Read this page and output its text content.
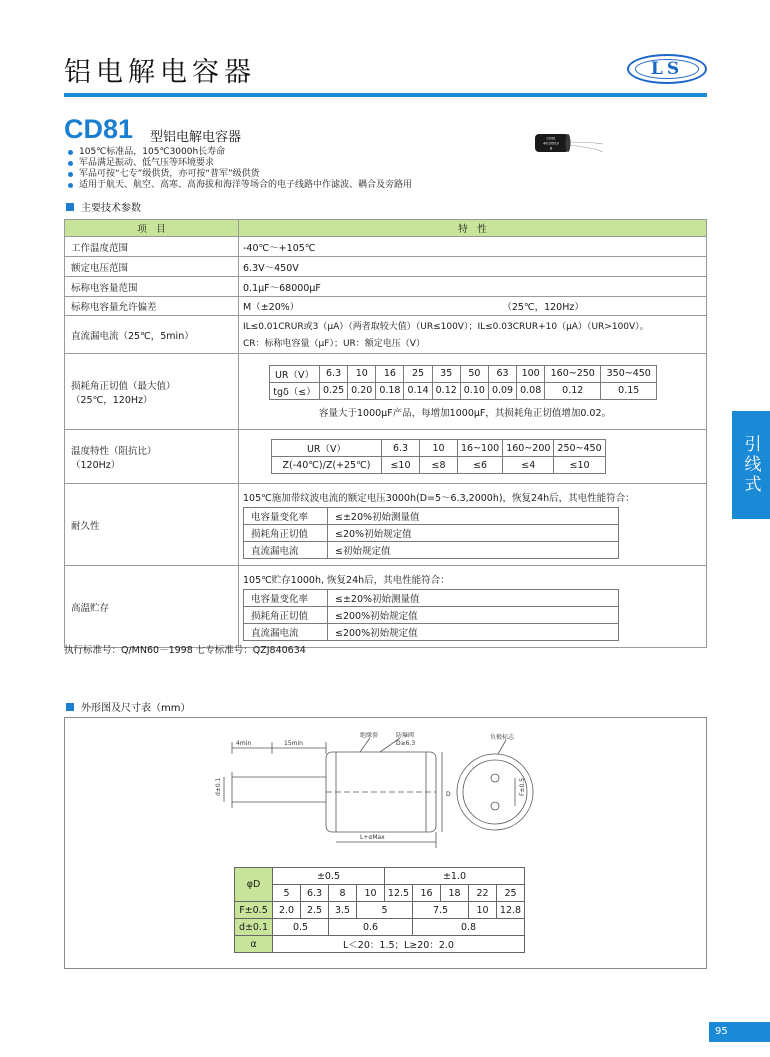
铝电解电容器	LS
CD81 型铝电解电容器
105℃标准品，105℃3000h长寿命
军品满足振动、低气压等环境要求
军品可按“七专”级供货，亦可按“普军”级供货
适用于航天、航空、高寒、高海拔和海洋等场合的电子线路中作滤波、耦合及旁路用
CD81
40/105/10
B
主要技术参数
项　目	特　性
工作温度范围	-40℃～+105℃
额定电压范围	6.3V～450V
标称电容量范围	0.1μF～68000μF
标称电容量允许偏差	M（±20%）	（25℃，120Hz）
直流漏电流（25℃，5min）	
IL≤0.01CRUR或3（μA）（两者取较大值）（UR≤100V）；IL≤0.03CRUR+10（μA）（UR>100V）。
CR：标称电容量（μF）；UR：额定电压（V）

损耗角正切值（最大值）
（25℃，120Hz）

UR（V）	6.3	10	16	25	35	50	63	100	160~250	350~450
tgδ（≤）	0.25	0.20	0.18	0.14	0.12	0.10	0.09	0.08	0.12	0.15
容量大于1000μF产品，每增加1000μF，其损耗角正切值增加0.02。

温度特性（阻抗比）
（120Hz）

UR（V）	6.3	10	16~100	160~200	250~450
Z(-40℃)/Z(+25℃)	≤10	≤8	≤6	≤4	≤10

耐久性	
105℃施加带纹波电流的额定电压3000h(D=5～6.3,2000h)，恢复24h后，其电性能符合：
电容量变化率	≤±20%初始测量值
损耗角正切值	≤20%初始规定值
直流漏电流	≤初始规定值

高温贮存	
105℃贮存1000h, 恢复24h后，其电性能符合：
电容量变化率	≤±20%初始测量值
损耗角正切值	≤200%初始规定值
直流漏电流	≤200%初始规定值
执行标准号：Q/MN60－1998 七专标准号：QZJ840634
外形图及尺寸表（mm）
4min	15min
绝缘套	防爆阀
D≥6.3
负极标志
D
L+αMax
d±0.1	F±0.5
φD	±0.5				±1.0				
	5	6.3	8	10	12.5	16	18	22	25
F±0.5	2.0	2.5	3.5	5		7.5		10	12.8
d±0.1	0.5		0.6			0.8			
α	L＜20：1.5；L≥20：2.0								
引线式
95
